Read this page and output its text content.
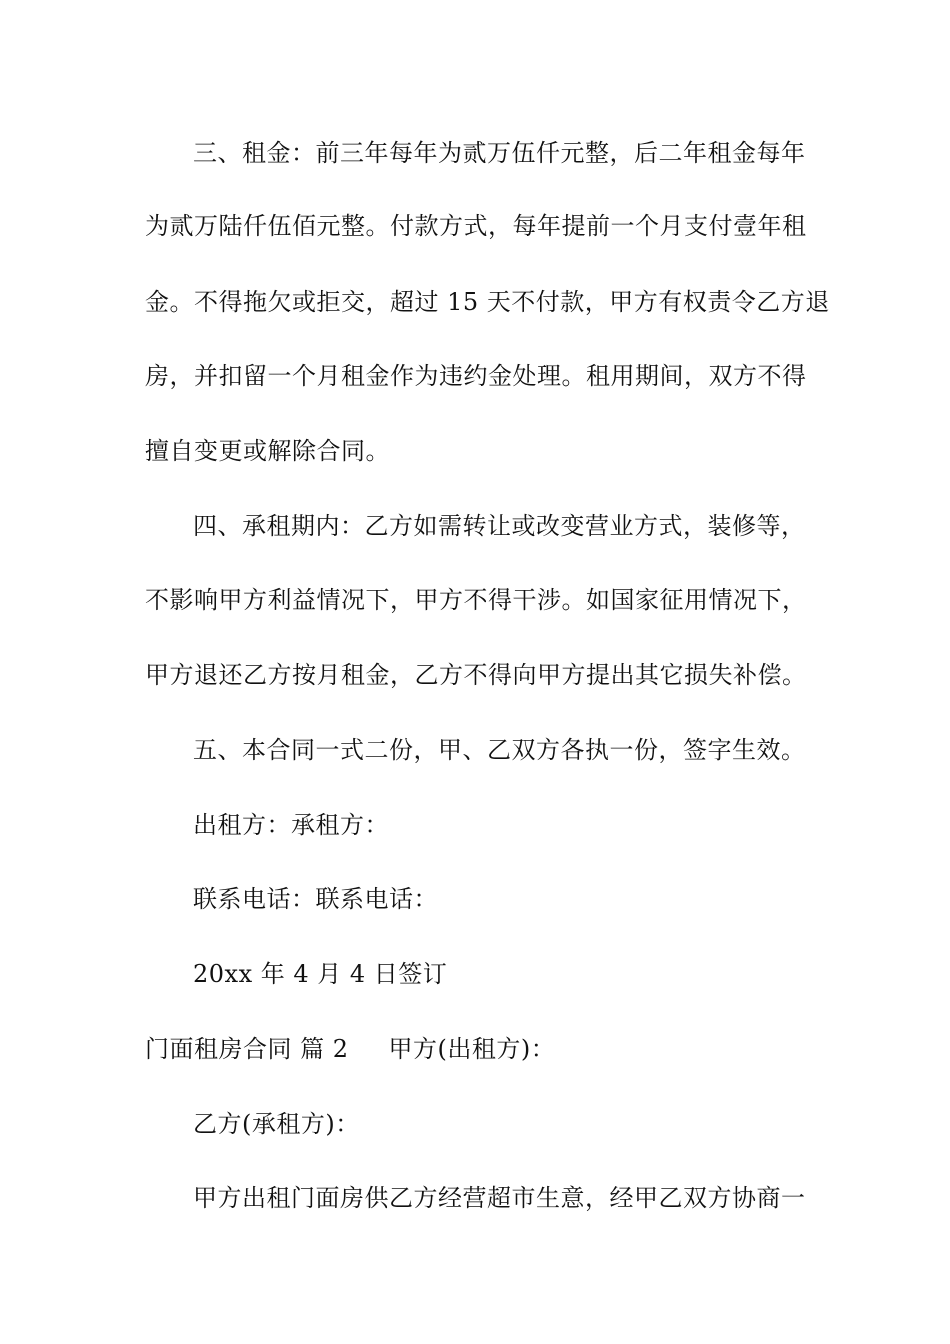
三、租金：前三年每年为贰万伍仟元整，后二年租金每年
为贰万陆仟伍佰元整。付款方式，每年提前一个月支付壹年租
金。不得拖欠或拒交，超过 15 天不付款，甲方有权责令乙方退
房，并扣留一个月租金作为违约金处理。租用期间，双方不得
擅自变更或解除合同。
四、承租期内：乙方如需转让或改变营业方式，装修等，
不影响甲方利益情况下，甲方不得干涉。如国家征用情况下，
甲方退还乙方按月租金，乙方不得向甲方提出其它损失补偿。
五、本合同一式二份，甲、乙双方各执一份，签字生效。
出租方：承租方：
联系电话：联系电话：
20xx 年 4 月 4 日签订
门面租房合同 篇 2 甲方(出租方)：
乙方(承租方)：
甲方出租门面房供乙方经营超市生意，经甲乙双方协商一
